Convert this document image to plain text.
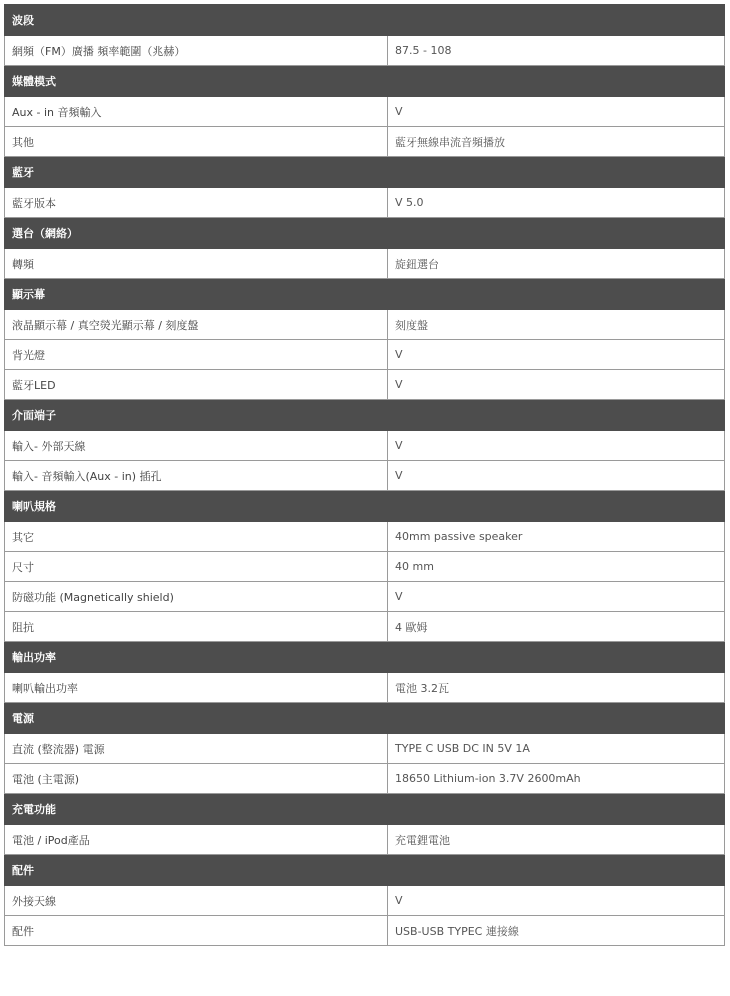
波段	
網頻（FM）廣播 頻率範圍（兆赫）	87.5 - 108
媒體模式	
Aux - in 音頻輸入	V
其他	藍牙無線串流音頻播放
藍牙	
藍牙版本	V 5.0
選台（網絡）	
轉頻	旋鈕選台
顯示幕	
液晶顯示幕 / 真空熒光顯示幕 / 刻度盤	刻度盤
背光燈	V
藍牙LED	V
介面端子	
輸入- 外部天線	V
輸入- 音頻輸入(Aux - in) 插孔	V
喇叭規格	
其它	40mm passive speaker
尺寸	40 mm
防磁功能 (Magnetically shield)	V
阻抗	4 歐姆
輸出功率	
喇叭輸出功率	電池 3.2瓦
電源	
直流 (整流器) 電源	TYPE C USB DC IN 5V 1A
電池 (主電源)	18650 Lithium-ion 3.7V 2600mAh
充電功能	
電池 / iPod產品	充電鋰電池
配件	
外接天線	V
配件	USB-USB TYPEC 連接線
